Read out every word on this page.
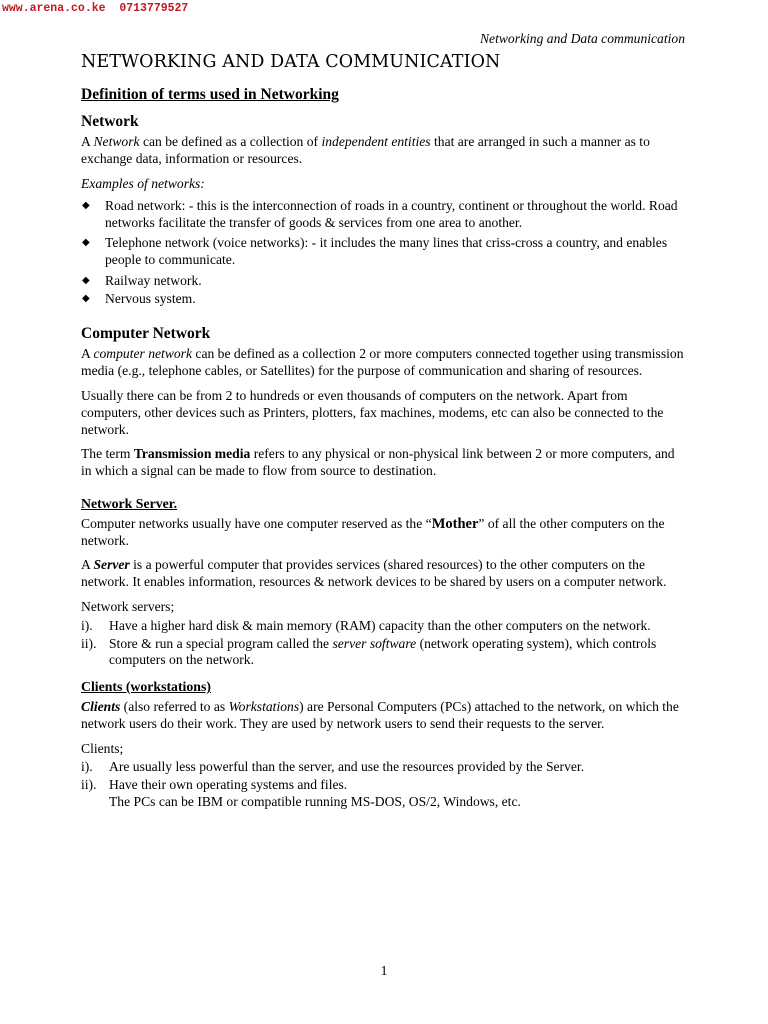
www.arena.co.ke  0713779527
Networking and Data communication
NETWORKING AND DATA COMMUNICATION
Definition of terms used in Networking
Network

A Network can be defined as a collection of independent entities that are arranged in such a manner as to exchange data, information or resources.

Examples of networks:

◆ Road network: - this is the interconnection of roads in a country, continent or throughout the world. Road networks facilitate the transfer of goods & services from one area to another.
◆ Telephone network (voice networks): - it includes the many lines that criss-cross a country, and enables people to communicate.
◆ Railway network.
◆ Nervous system.
Computer Network

A computer network can be defined as a collection 2 or more computers connected together using transmission media (e.g., telephone cables, or Satellites) for the purpose of communication and sharing of resources.

Usually there can be from 2 to hundreds or even thousands of computers on the network. Apart from computers, other devices such as Printers, plotters, fax machines, modems, etc can also be connected to the network.

The term Transmission media refers to any physical or non-physical link between 2 or more computers, and in which a signal can be made to flow from source to destination.

Network Server.

Computer networks usually have one computer reserved as the “Mother” of all the other computers on the network.

A Server is a powerful computer that provides services (shared resources) to the other computers on the network. It enables information, resources & network devices to be shared by users on a computer network.

Network servers;

i). Have a higher hard disk & main memory (RAM) capacity than the other computers on the network.
ii). Store & run a special program called the server software (network operating system), which controls computers on the network.
Clients (workstations)

Clients (also referred to as Workstations) are Personal Computers (PCs) attached to the network, on which the network users do their work. They are used by network users to send their requests to the server.

Clients;

i). Are usually less powerful than the server, and use the resources provided by the Server.
ii). Have their own operating systems and files.
The PCs can be IBM or compatible running MS-DOS, OS/2, Windows, etc.
1
